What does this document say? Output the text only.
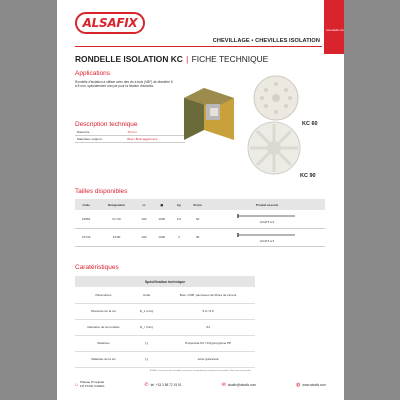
ALSAFIX
www.alsafix.com
CHEVILLAGE • CHEVILLES ISOLATION
RONDELLE ISOLATION KC | FICHE TECHNIQUE
Applications
Rondelle d'isolation à utiliser avec des vis à bois (VBF) de diamètre 5 à 8 mm, spécialement conçue pour la fixation d'isolants.
Description technique
Diamètre	70 mm
Matériaux support	Bois / Bois aggloméré
KC 60
KC 90
Tailles disponibles
Code	Désignation	▭	▦	kg	Ø mm	Produit associé
10581	KC 60	100	1000	2,5	60	vbf Ø 5 à 6

10743	KC90	100	1000	4	90	vbf Ø 5 à 6
Caratéristiques
Spécification technique		
Paramètres	Unité	Bois, OSB, panneaux de fibres de ciment
Diamètre de la vis	D_s (mm)	5,0 / 6,0
Diamètre de la rondelle	D_r (mm)	64
Matériau	[-]	Polyamide PA / Polypropylène PP
Matériau de la vis	[-]	Acier galvanisé
ALSAFIX se réserve le droit de modifier, sans préavis, les spécifications techniques de ses produits. Photos non contractuelles.
⌂ Plateau Principale
FR 67240 CARES	✆ tel. +33 3 88 72 15 51	✉ alsafix@alsafix.com	◍ www.alsafix.com
